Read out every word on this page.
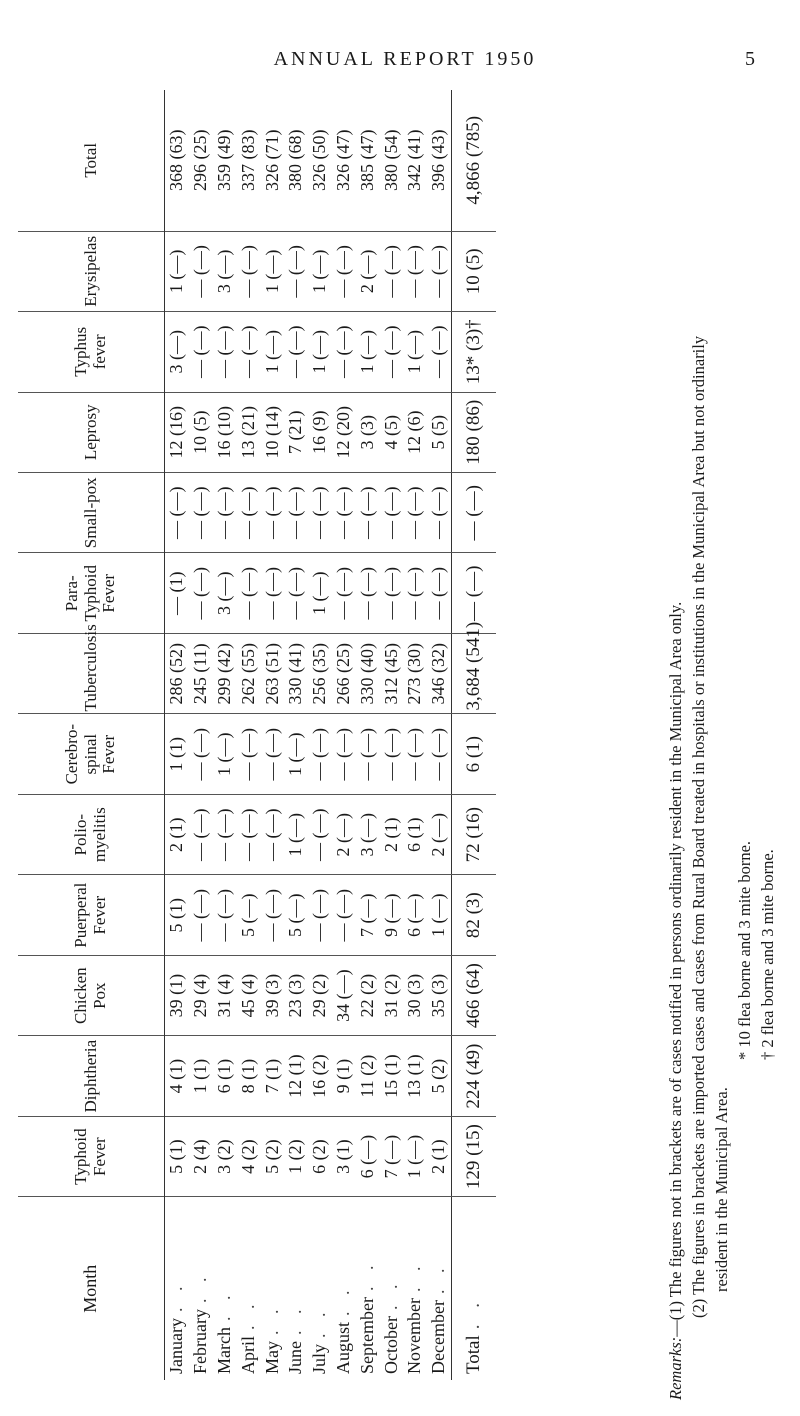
ANNUAL REPORT 1950	5
Month	Typhoid Fever	Diphtheria	Chicken Pox	Puerperal Fever	Polio-myelitis	Cerebro-spinal Fever	Tuberculosis	Para-Typhoid Fever	Small-pox	Leprosy	Typhus fever	Erysipelas	Total
January. .	5 (1)	4 (1)	39 (1)	5 (1)	2 (1)	1 (1)	286 (52)	— (1)	— (—)	12 (16)	3 (—)	1 (—)	368 (63)
February. .	2 (4)	1 (1)	29 (4)	— (—)	— (—)	— (—)	245 (11)	— (—)	— (—)	10 (5)	— (—)	— (—)	296 (25)
March. .	3 (2)	6 (1)	31 (4)	— (—)	— (—)	1 (—)	299 (42)	3 (—)	— (—)	16 (10)	— (—)	3 (—)	359 (49)
April. .	4 (2)	8 (1)	45 (4)	5 (—)	— (—)	— (—)	262 (55)	— (—)	— (—)	13 (21)	— (—)	— (—)	337 (83)
May. .	5 (2)	7 (1)	39 (3)	— (—)	— (—)	— (—)	263 (51)	— (—)	— (—)	10 (14)	1 (—)	1 (—)	326 (71)
June. .	1 (2)	12 (1)	23 (3)	5 (—)	1 (—)	1 (—)	330 (41)	— (—)	— (—)	7 (21)	— (—)	— (—)	380 (68)
July. .	6 (2)	16 (2)	29 (2)	— (—)	— (—)	— (—)	256 (35)	1 (—)	— (—)	16 (9)	1 (—)	1 (—)	326 (50)
August. .	3 (1)	9 (1)	34 (—)	— (—)	2 (—)	— (—)	266 (25)	— (—)	— (—)	12 (20)	— (—)	— (—)	326 (47)
September. .	6 (—)	11 (2)	22 (2)	7 (—)	3 (—)	— (—)	330 (40)	— (—)	— (—)	3 (3)	1 (—)	2 (—)	385 (47)
October. .	7 (—)	15 (1)	31 (2)	9 (—)	2 (1)	— (—)	312 (45)	— (—)	— (—)	4 (5)	— (—)	— (—)	380 (54)
November. .	1 (—)	13 (1)	30 (3)	6 (—)	6 (1)	— (—)	273 (30)	— (—)	— (—)	12 (6)	1 (—)	— (—)	342 (41)
December. .	2 (1)	5 (2)	35 (3)	1 (—)	2 (—)	— (—)	346 (32)	— (—)	— (—)	5 (5)	— (—)	— (—)	396 (43)
Total. .	129 (15)	224 (49)	466 (64)	82 (3)	72 (16)	6 (1)	3,684 (541)	— (—)	— (—)	180 (86)	13* (3)†	10 (5)	4,866 (785)
Remarks:—(1) The figures not in brackets are of cases notified in persons ordinarily resident in the Municipal Area only. (2) The figures in brackets are imported cases and cases from Rural Board treated in hospitals or institutions in the Municipal Area but not ordinarily resident in the Municipal Area.
* 10 flea borne and 3 mite borne. † 2 flea borne and 3 mite borne.
